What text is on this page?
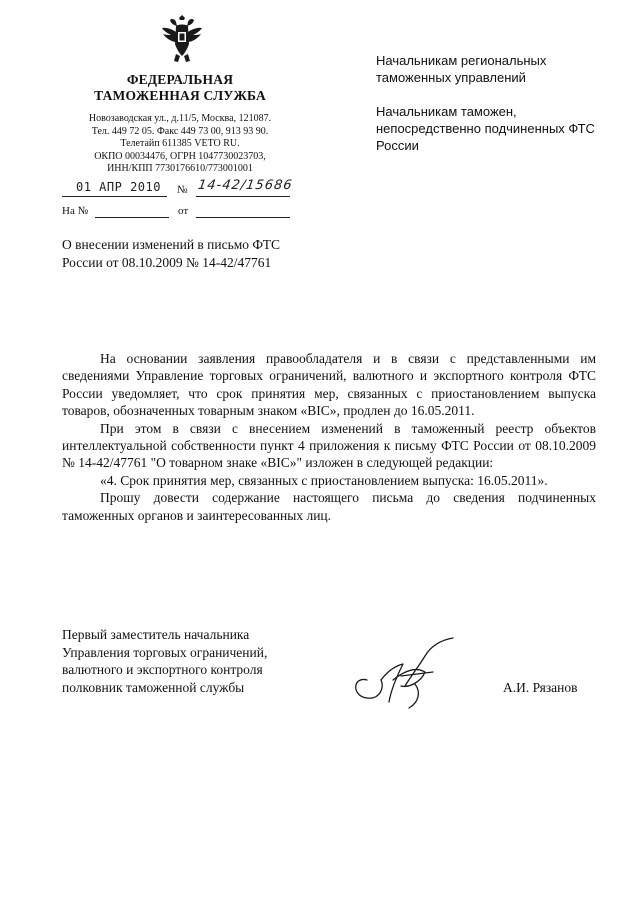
ФЕДЕРАЛЬНАЯ
ТАМОЖЕННАЯ СЛУЖБА
Новозаводская ул., д.11/5, Москва, 121087.
Тел. 449 72 05. Факс 449 73 00, 913 93 90.
Телетайп 611385 VETO RU.
ОКПО 00034476, ОГРН 1047730023703,
ИНН/КПП 7730176610/773001001
01 АПР 2010 № 14-42/15686
На №	от
О внесении изменений в письмо ФТС России от 08.10.2009 № 14-42/47761

Начальникам региональных таможенных управлений

Начальникам таможен, непосредственно подчиненных ФТС России

На основании заявления правообладателя и в связи с представленными им сведениями Управление торговых ограничений, валютного и экспортного контроля ФТС России уведомляет, что срок принятия мер, связанных с приостановлением выпуска товаров, обозначенных товарным знаком «BIC», продлен до 16.05.2011.

При этом в связи с внесением изменений в таможенный реестр объектов интеллектуальной собственности пункт 4 приложения к письму ФТС России от 08.10.2009 № 14-42/47761 "О товарном знаке «BIC»" изложен в следующей редакции:

«4. Срок принятия мер, связанных с приостановлением выпуска: 16.05.2011».

Прошу довести содержание настоящего письма до сведения подчиненных таможенных органов и заинтересованных лиц.

Первый заместитель начальника
Управления торговых ограничений,
валютного и экспортного контроля
полковник таможенной службы	А.И. Рязанов
